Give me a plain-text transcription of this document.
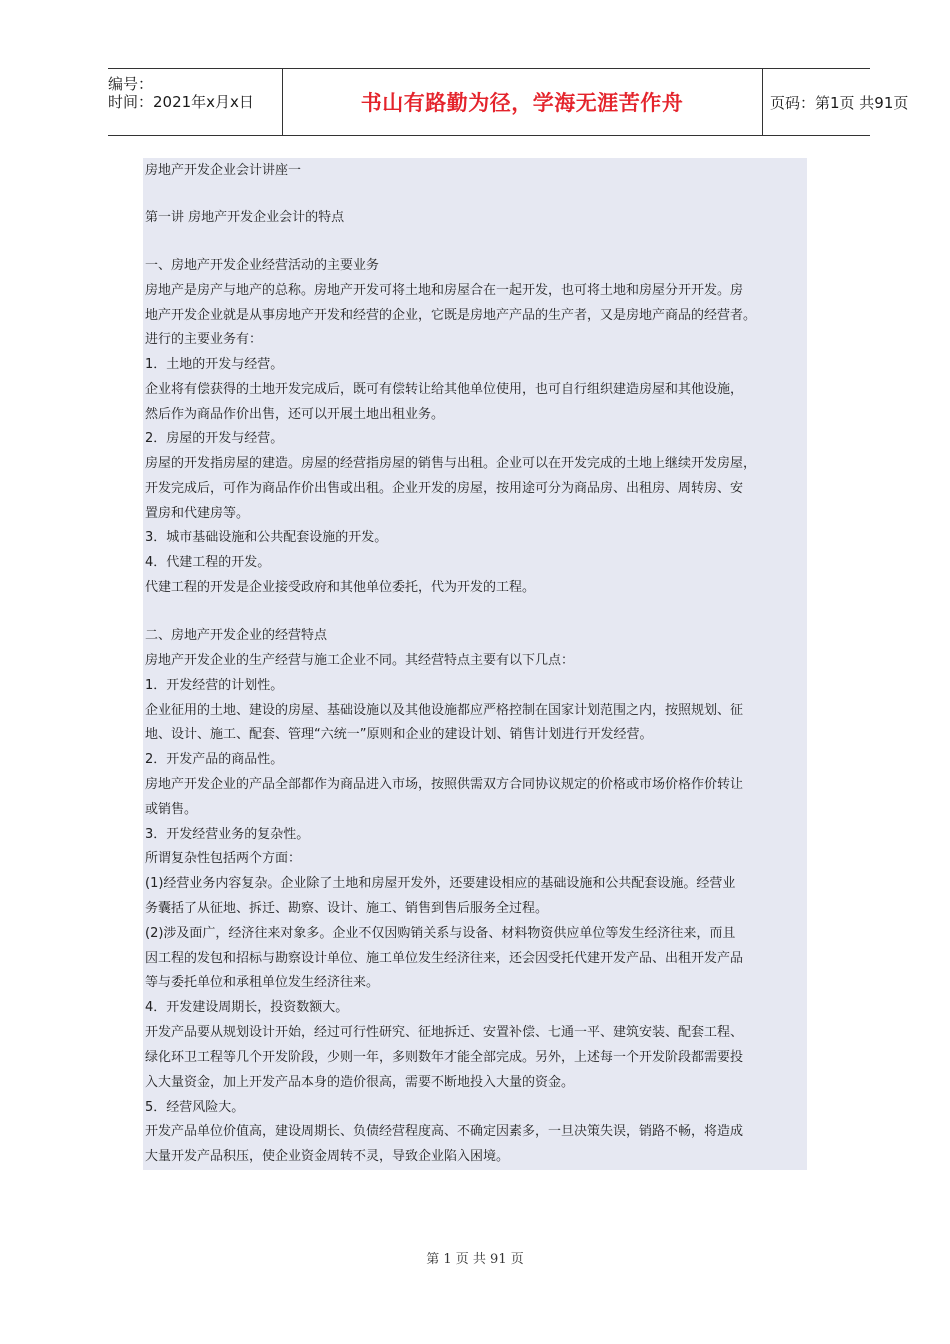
编号：
时间：2021年x月x日	书山有路勤为径，学海无涯苦作舟	页码：第1页 共91页
房地产开发企业会计讲座一
第一讲 房地产开发企业会计的特点
一、房地产开发企业经营活动的主要业务
房地产是房产与地产的总称。房地产开发可将土地和房屋合在一起开发，也可将土地和房屋分开开发。房
地产开发企业就是从事房地产开发和经营的企业，它既是房地产产品的生产者，又是房地产商品的经营者。
进行的主要业务有：
1．土地的开发与经营。
企业将有偿获得的土地开发完成后，既可有偿转让给其他单位使用，也可自行组织建造房屋和其他设施，
然后作为商品作价出售，还可以开展土地出租业务。
2．房屋的开发与经营。
房屋的开发指房屋的建造。房屋的经营指房屋的销售与出租。企业可以在开发完成的土地上继续开发房屋，
开发完成后，可作为商品作价出售或出租。企业开发的房屋，按用途可分为商品房、出租房、周转房、安
置房和代建房等。
3．城市基础设施和公共配套设施的开发。
4．代建工程的开发。
代建工程的开发是企业接受政府和其他单位委托，代为开发的工程。
二、房地产开发企业的经营特点
房地产开发企业的生产经营与施工企业不同。其经营特点主要有以下几点：
1．开发经营的计划性。
企业征用的土地、建设的房屋、基础设施以及其他设施都应严格控制在国家计划范围之内，按照规划、征
地、设计、施工、配套、管理“六统一”原则和企业的建设计划、销售计划进行开发经营。
2．开发产品的商品性。
房地产开发企业的产品全部都作为商品进入市场，按照供需双方合同协议规定的价格或市场价格作价转让
或销售。
3．开发经营业务的复杂性。
所谓复杂性包括两个方面：
(1)经营业务内容复杂。企业除了土地和房屋开发外，还要建设相应的基础设施和公共配套设施。经营业
务囊括了从征地、拆迁、勘察、设计、施工、销售到售后服务全过程。
(2)涉及面广，经济往来对象多。企业不仅因购销关系与设备、材料物资供应单位等发生经济往来，而且
因工程的发包和招标与勘察设计单位、施工单位发生经济往来，还会因受托代建开发产品、出租开发产品
等与委托单位和承租单位发生经济往来。
4．开发建设周期长，投资数额大。
开发产品要从规划设计开始，经过可行性研究、征地拆迁、安置补偿、七通一平、建筑安装、配套工程、
绿化环卫工程等几个开发阶段，少则一年，多则数年才能全部完成。另外，上述每一个开发阶段都需要投
入大量资金，加上开发产品本身的造价很高，需要不断地投入大量的资金。
5．经营风险大。
开发产品单位价值高，建设周期长、负债经营程度高、不确定因素多，一旦决策失误，销路不畅，将造成
大量开发产品积压，使企业资金周转不灵，导致企业陷入困境。
第 1 页 共 91 页
